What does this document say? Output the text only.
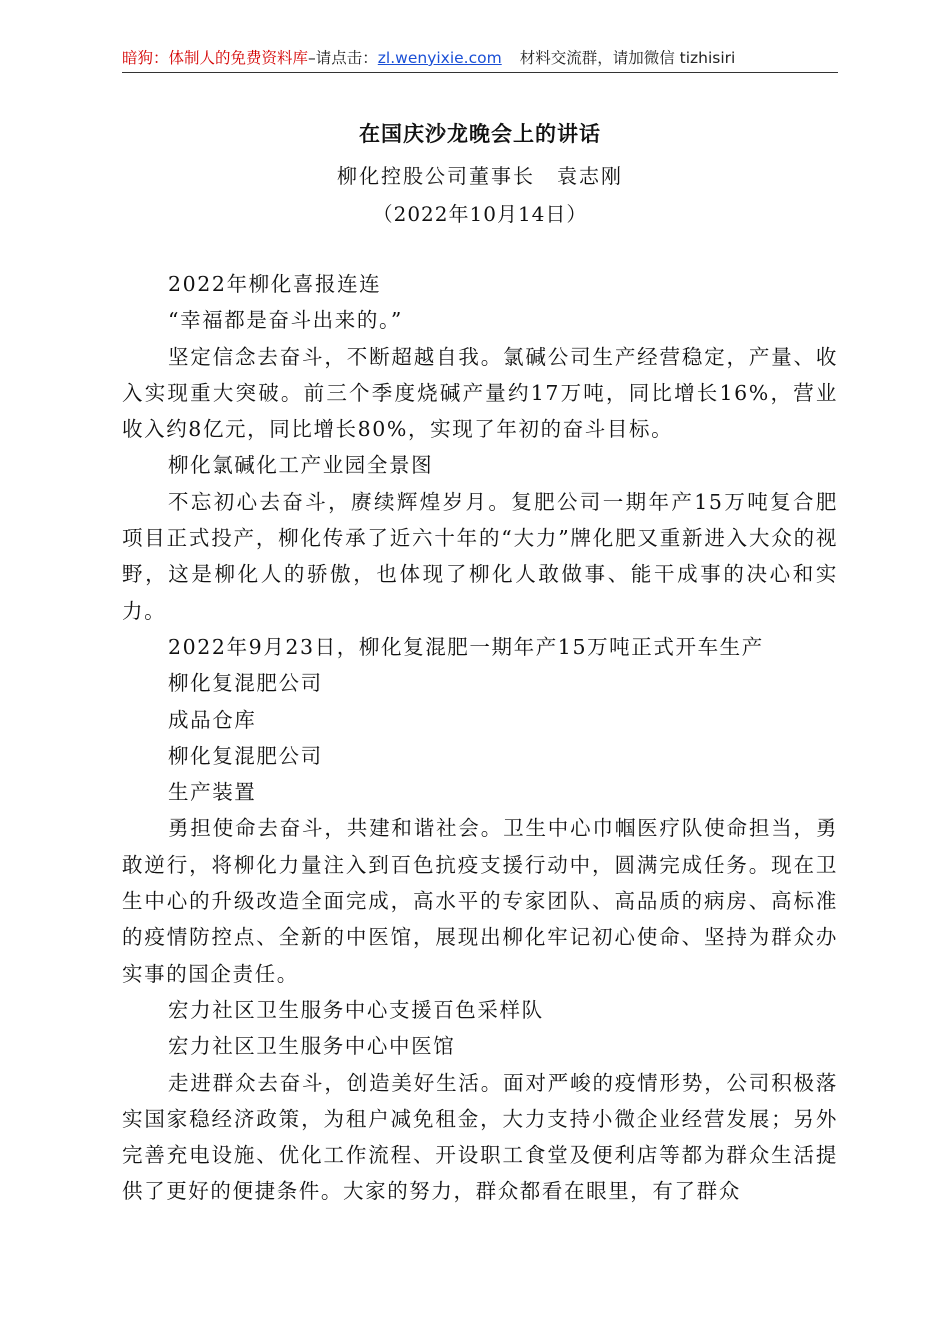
暗狗：体制人的免费资料库–请点击：zl.wenyixie.com 材料交流群，请加微信 tizhisiri
在国庆沙龙晚会上的讲话
柳化控股公司董事长　袁志刚
（2022年10月14日）

2022年柳化喜报连连

“幸福都是奋斗出来的。”

坚定信念去奋斗，不断超越自我。氯碱公司生产经营稳定，产量、收入实现重大突破。前三个季度烧碱产量约17万吨，同比增长16%，营业收入约8亿元，同比增长80%，实现了年初的奋斗目标。

柳化氯碱化工产业园全景图

不忘初心去奋斗，赓续辉煌岁月。复肥公司一期年产15万吨复合肥项目正式投产，柳化传承了近六十年的“大力”牌化肥又重新进入大众的视野，这是柳化人的骄傲，也体现了柳化人敢做事、能干成事的决心和实力。

2022年9月23日，柳化复混肥一期年产15万吨正式开车生产

柳化复混肥公司

成品仓库

柳化复混肥公司

生产装置

勇担使命去奋斗，共建和谐社会。卫生中心巾帼医疗队使命担当，勇敢逆行，将柳化力量注入到百色抗疫支援行动中，圆满完成任务。现在卫生中心的升级改造全面完成，高水平的专家团队、高品质的病房、高标准的疫情防控点、全新的中医馆，展现出柳化牢记初心使命、坚持为群众办实事的国企责任。

宏力社区卫生服务中心支援百色采样队

宏力社区卫生服务中心中医馆

走进群众去奋斗，创造美好生活。面对严峻的疫情形势，公司积极落实国家稳经济政策，为租户减免租金，大力支持小微企业经营发展；另外完善充电设施、优化工作流程、开设职工食堂及便利店等都为群众生活提供了更好的便捷条件。大家的努力，群众都看在眼里，有了群众
